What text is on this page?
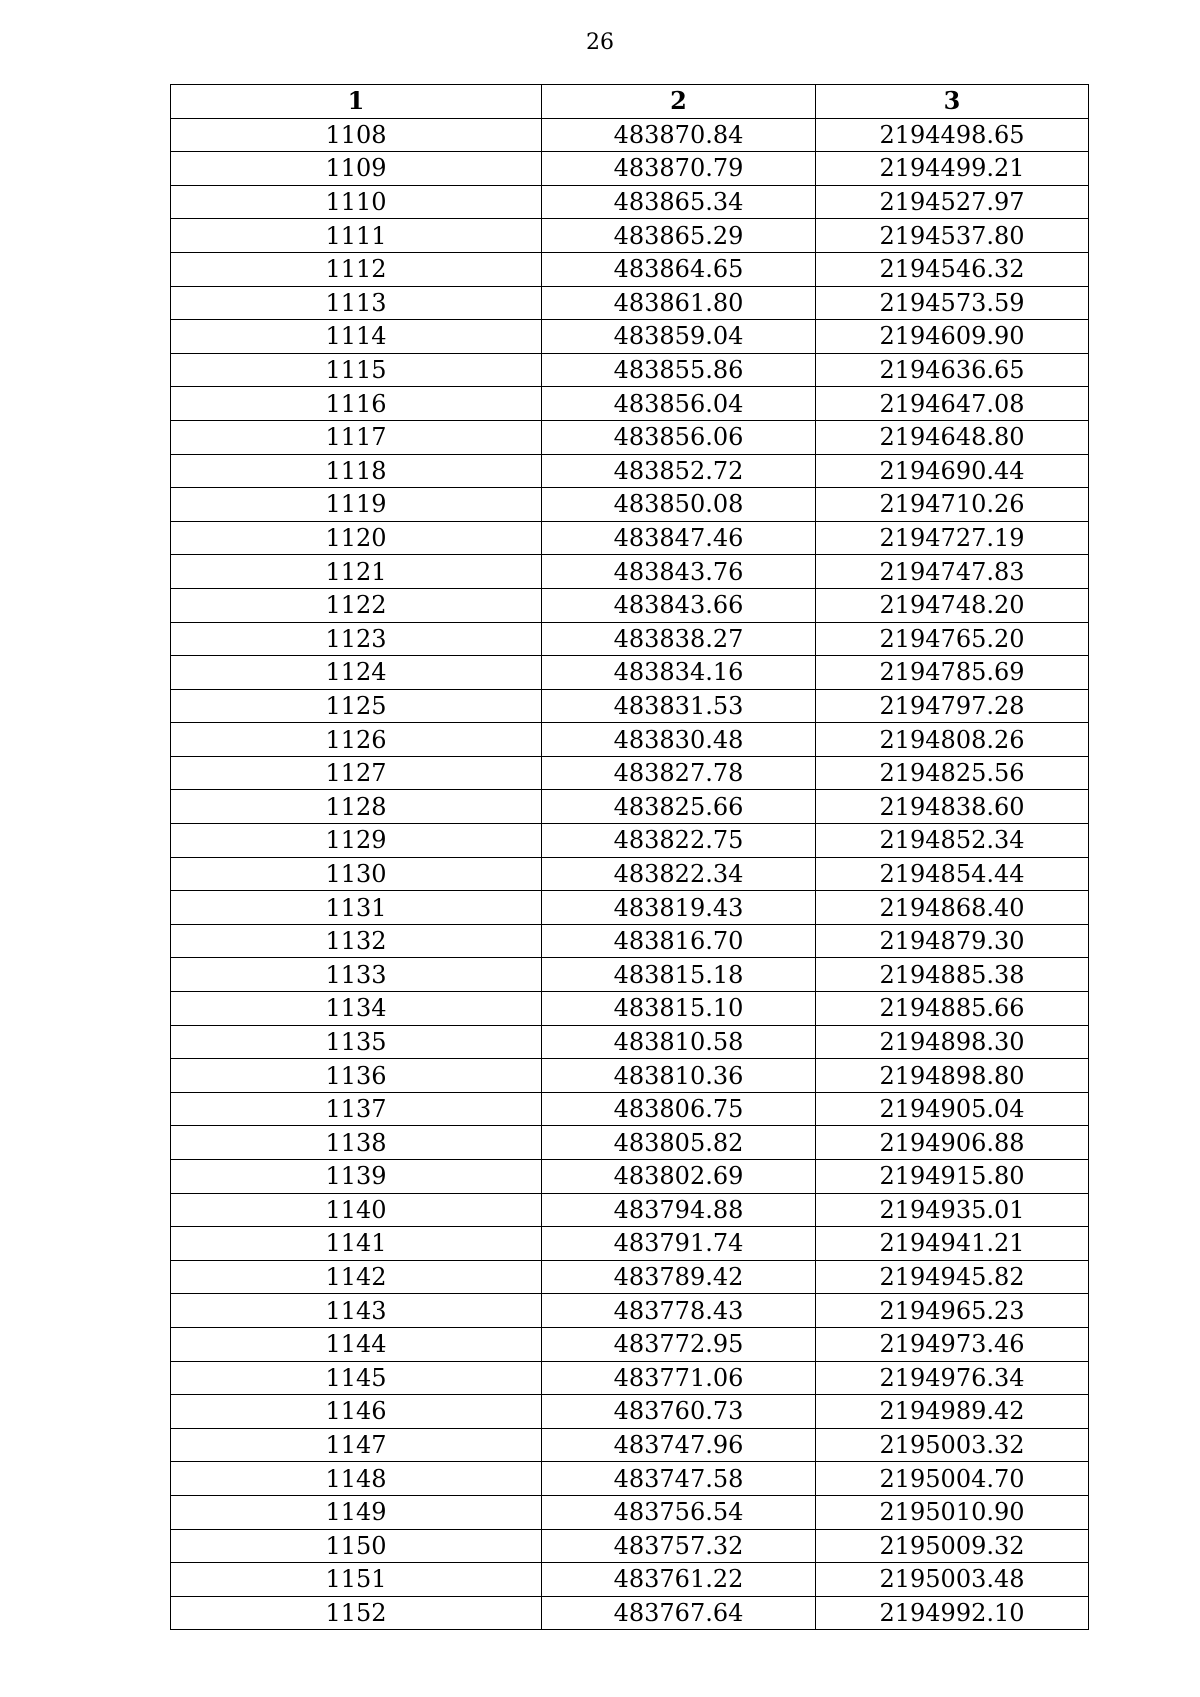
26
1	2	3
1108	483870.84	2194498.65
1109	483870.79	2194499.21
1110	483865.34	2194527.97
1111	483865.29	2194537.80
1112	483864.65	2194546.32
1113	483861.80	2194573.59
1114	483859.04	2194609.90
1115	483855.86	2194636.65
1116	483856.04	2194647.08
1117	483856.06	2194648.80
1118	483852.72	2194690.44
1119	483850.08	2194710.26
1120	483847.46	2194727.19
1121	483843.76	2194747.83
1122	483843.66	2194748.20
1123	483838.27	2194765.20
1124	483834.16	2194785.69
1125	483831.53	2194797.28
1126	483830.48	2194808.26
1127	483827.78	2194825.56
1128	483825.66	2194838.60
1129	483822.75	2194852.34
1130	483822.34	2194854.44
1131	483819.43	2194868.40
1132	483816.70	2194879.30
1133	483815.18	2194885.38
1134	483815.10	2194885.66
1135	483810.58	2194898.30
1136	483810.36	2194898.80
1137	483806.75	2194905.04
1138	483805.82	2194906.88
1139	483802.69	2194915.80
1140	483794.88	2194935.01
1141	483791.74	2194941.21
1142	483789.42	2194945.82
1143	483778.43	2194965.23
1144	483772.95	2194973.46
1145	483771.06	2194976.34
1146	483760.73	2194989.42
1147	483747.96	2195003.32
1148	483747.58	2195004.70
1149	483756.54	2195010.90
1150	483757.32	2195009.32
1151	483761.22	2195003.48
1152	483767.64	2194992.10
